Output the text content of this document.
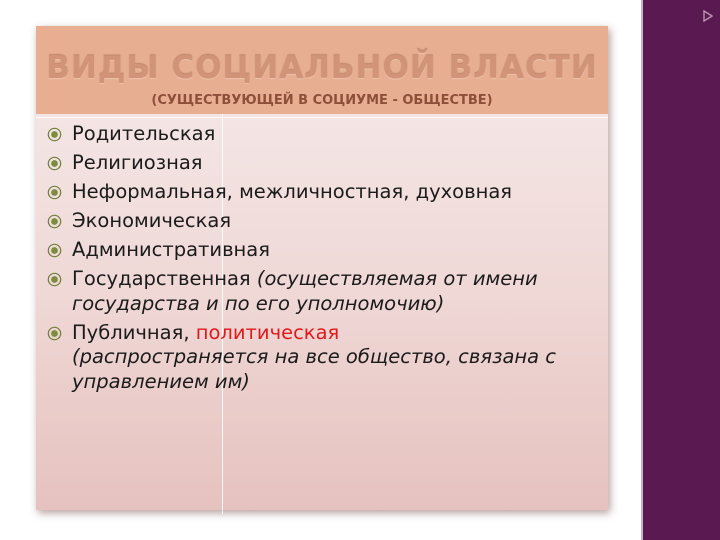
ВИДЫ СОЦИАЛЬНОЙ ВЛАСТИ
(СУЩЕСТВУЮЩЕЙ В СОЦИУМЕ - ОБЩЕСТВЕ)
Родительская
Религиозная
Неформальная, межличностная, духовная
Экономическая
Административная
Государственная (осуществляемая от имени государства и по его уполномочию)
Публичная, политическая
(распространяется на все общество, связана с управлением им)
